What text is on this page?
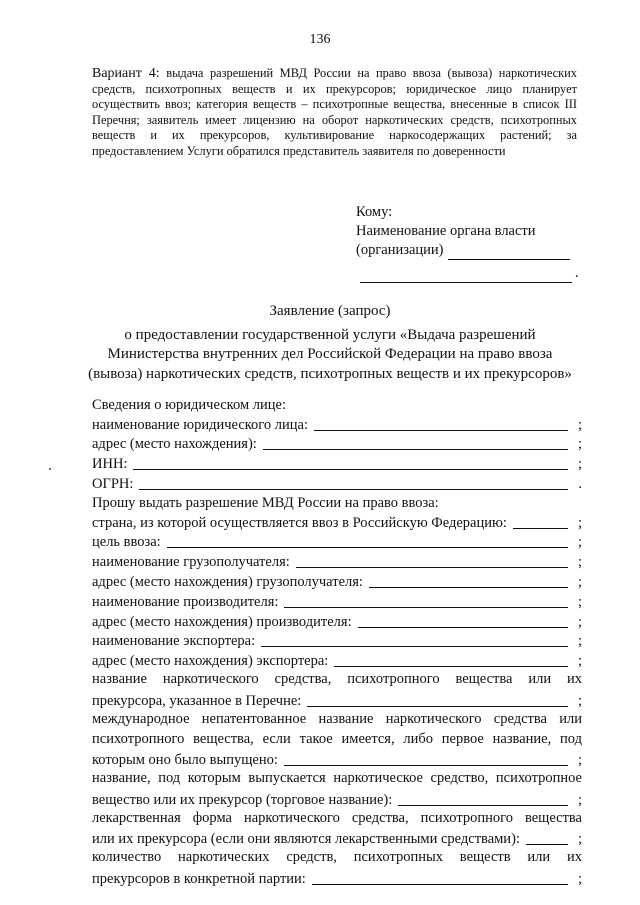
136
Вариант 4: выдача разрешений МВД России на право ввоза (вывоза) наркотических средств, психотропных веществ и их прекурсоров; юридическое лицо планирует осуществить ввоз; категория веществ – психотропные вещества, внесенные в список III Перечня; заявитель имеет лицензию на оборот наркотических средств, психотропных веществ и их прекурсоров, культивирование наркосодержащих растений; за предоставлением Услуги обратился представитель заявителя по доверенности
Кому:
Наименование органа власти
(организации)
.
Заявление (запрос)
о предоставлении государственной услуги «Выдача разрешений
Министерства внутренних дел Российской Федерации на право ввоза
(вывоза) наркотических средств, психотропных веществ и их прекурсоров»
Сведения о юридическом лице:
наименование юридического лица:	;
адрес (место нахождения):	;
ИНН:	;
ОГРН:	.
Прошу выдать разрешение МВД России на право ввоза:
страна, из которой осуществляется ввоз в Российскую Федерацию:	;
цель ввоза:	;
наименование грузополучателя:	;
адрес (место нахождения) грузополучателя:	;
наименование производителя:	;
адрес (место нахождения) производителя:	;
наименование экспортера:	;
адрес (место нахождения) экспортера:	;
название наркотического средства, психотропного вещества или их
прекурсора, указанное в Перечне:	;
международное непатентованное название наркотического средства или
психотропного вещества, если такое имеется, либо первое название, под
которым оно было выпущено:	;
название, под которым выпускается наркотическое средство, психотропное
вещество или их прекурсор (торговое название):	;
лекарственная форма наркотического средства, психотропного вещества
или их прекурсора (если они являются лекарственными средствами):	;
количество наркотических средств, психотропных веществ или их
прекурсоров в конкретной партии:	;
